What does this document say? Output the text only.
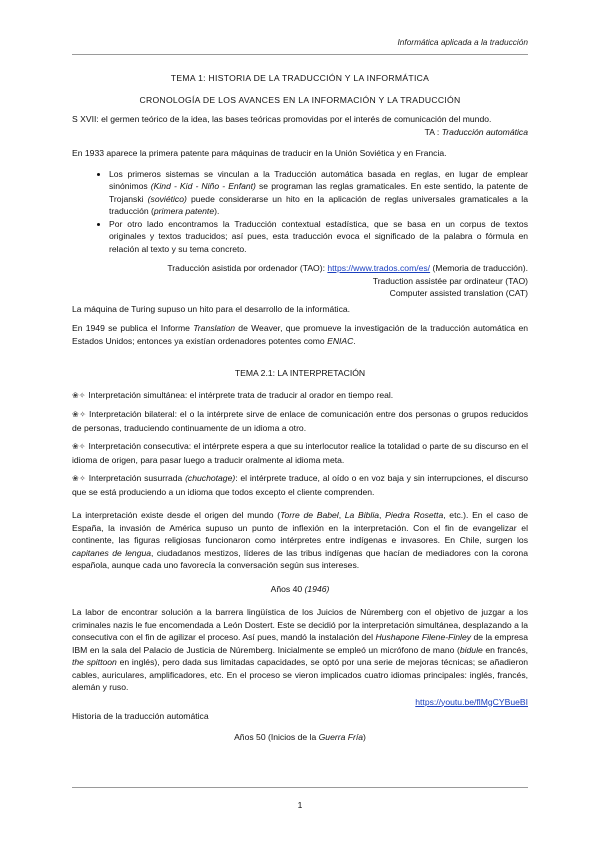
Informática aplicada a la traducción

TEMA 1: HISTORIA DE LA TRADUCCIÓN Y LA INFORMÁTICA

CRONOLOGÍA DE LOS AVANCES EN LA INFORMACIÓN Y LA TRADUCCIÓN

S XVII: el germen teórico de la idea, las bases teóricas promovidas por el interés de comunicación del mundo.

TA : Traducción automática

En 1933 aparece la primera patente para máquinas de traducir en la Unión Soviética y en Francia.

• Los primeros sistemas se vinculan a la Traducción automática basada en reglas, en lugar de emplear sinónimos (Kind - Kid - Niño - Enfant) se programan las reglas gramaticales. En este sentido, la patente de Trojanski (soviético) puede considerarse un hito en la aplicación de reglas universales gramaticales a la traducción (primera patente).
• Por otro lado encontramos la Traducción contextual estadística, que se basa en un corpus de textos originales y textos traducidos; así pues, esta traducción evoca el significado de la palabra o fórmula en relación al texto y su tema concreto.

Traducción asistida por ordenador (TAO): https://www.trados.com/es/ (Memoria de traducción).

Traduction assistée par ordinateur (TAO)

Computer assisted translation (CAT)

La máquina de Turing supuso un hito para el desarrollo de la informática.

En 1949 se publica el Informe Translation de Weaver, que promueve la investigación de la traducción automática en Estados Unidos; entonces ya existían ordenadores potentes como ENIAC.

TEMA 2.1: LA INTERPRETACIÓN

❀✧ Interpretación simultánea: el intérprete trata de traducir al orador en tiempo real.

❀✧ Interpretación bilateral: el o la intérprete sirve de enlace de comunicación entre dos personas o grupos reducidos de personas, traduciendo continuamente de un idioma a otro.

❀✧ Interpretación consecutiva: el intérprete espera a que su interlocutor realice la totalidad o parte de su discurso en el idioma de origen, para pasar luego a traducir oralmente al idioma meta.

❀✧ Interpretación susurrada (chuchotage): el intérprete traduce, al oído o en voz baja y sin interrupciones, el discurso que se está produciendo a un idioma que todos excepto el cliente comprenden.

La interpretación existe desde el origen del mundo (Torre de Babel, La Biblia, Piedra Rosetta, etc.). En el caso de España, la invasión de América supuso un punto de inflexión en la interpretación. Con el fin de evangelizar el continente, las figuras religiosas funcionaron como intérpretes entre indígenas e invasores. En Chile, surgen los capitanes de lengua, ciudadanos mestizos, líderes de las tribus indígenas que hacían de mediadores con la corona española, aunque cada uno favorecía la conversación según sus intereses.

Años 40 (1946)

La labor de encontrar solución a la barrera lingüística de los Juicios de Núremberg con el objetivo de juzgar a los criminales nazis le fue encomendada a León Dostert. Este se decidió por la interpretación simultánea, desplazando a la consecutiva con el fin de agilizar el proceso. Así pues, mandó la instalación del Hushapone Filene-Finley de la empresa IBM en la sala del Palacio de Justicia de Núremberg. Inicialmente se empleó un micrófono de mano (bidule en francés, the spittoon en inglés), pero dada sus limitadas capacidades, se optó por una serie de mejoras técnicas; se añadieron cables, auriculares, amplificadores, etc. En el proceso se vieron implicados cuatro idiomas principales: inglés, francés, alemán y ruso.

https://youtu.be/flMgCYBueBI

Historia de la traducción automática

Años 50 (Inicios de la Guerra Fría)

1
